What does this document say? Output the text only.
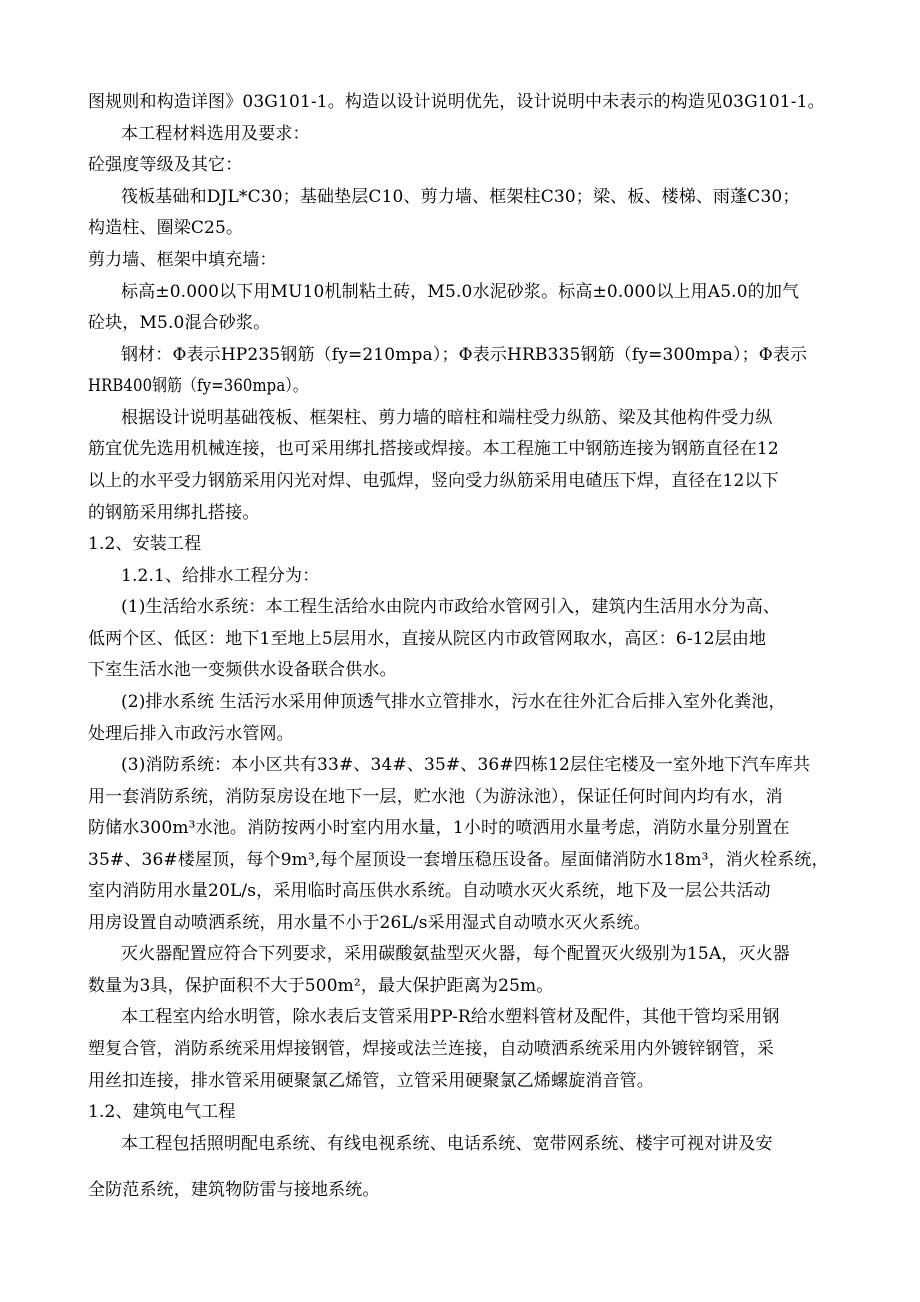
图规则和构造详图》03G101-1。构造以设计说明优先，设计说明中未表示的构造见03G101-1。
本工程材料选用及要求：
砼强度等级及其它：
筏板基础和DJL*C30；基础垫层C10、剪力墙、框架柱C30；梁、板、楼梯、雨蓬C30；
构造柱、圈梁C25。
剪力墙、框架中填充墙：
标高±0.000以下用MU10机制粘土砖，M5.0水泥砂浆。标高±0.000以上用A5.0的加气
砼块，M5.0混合砂浆。
钢材：Φ表示HP235钢筋（fy=210mpa）；Φ表示HRB335钢筋（fy=300mpa）；Φ表示
HRB400钢筋（fy=360mpa）。
根据设计说明基础筏板、框架柱、剪力墙的暗柱和端柱受力纵筋、梁及其他构件受力纵
筋宜优先选用机械连接，也可采用绑扎搭接或焊接。本工程施工中钢筋连接为钢筋直径在12
以上的水平受力钢筋采用闪光对焊、电弧焊，竖向受力纵筋采用电碴压下焊，直径在12以下
的钢筋采用绑扎搭接。
1.2、安装工程
1.2.1、给排水工程分为：
(1)生活给水系统：本工程生活给水由院内市政给水管网引入，建筑内生活用水分为高、
低两个区、低区：地下1至地上5层用水，直接从院区内市政管网取水，高区：6-12层由地
下室生活水池一变频供水设备联合供水。
(2)排水系统 生活污水采用伸顶透气排水立管排水，污水在往外汇合后排入室外化粪池，
处理后排入市政污水管网。
(3)消防系统：本小区共有33#、34#、35#、36#四栋12层住宅楼及一室外地下汽车库共
用一套消防系统，消防泵房设在地下一层，贮水池（为游泳池），保证任何时间内均有水，消
防储水300m³水池。消防按两小时室内用水量，1小时的喷洒用水量考虑，消防水量分别置在
35#、36#楼屋顶，每个9m³,每个屋顶设一套增压稳压设备。屋面储消防水18m³，消火栓系统，
室内消防用水量20L/s，采用临时高压供水系统。自动喷水灭火系统，地下及一层公共活动
用房设置自动喷洒系统，用水量不小于26L/s采用湿式自动喷水灭火系统。
灭火器配置应符合下列要求，采用碳酸氨盐型灭火器，每个配置灭火级别为15A，灭火器
数量为3具，保护面积不大于500m²，最大保护距离为25m。
本工程室内给水明管，除水表后支管采用PP-R给水塑料管材及配件，其他干管均采用钢
塑复合管，消防系统采用焊接钢管，焊接或法兰连接，自动喷洒系统采用内外镀锌钢管，采
用丝扣连接，排水管采用硬聚氯乙烯管，立管采用硬聚氯乙烯螺旋消音管。
1.2、建筑电气工程
本工程包括照明配电系统、有线电视系统、电话系统、宽带网系统、楼宇可视对讲及安
全防范系统，建筑物防雷与接地系统。
